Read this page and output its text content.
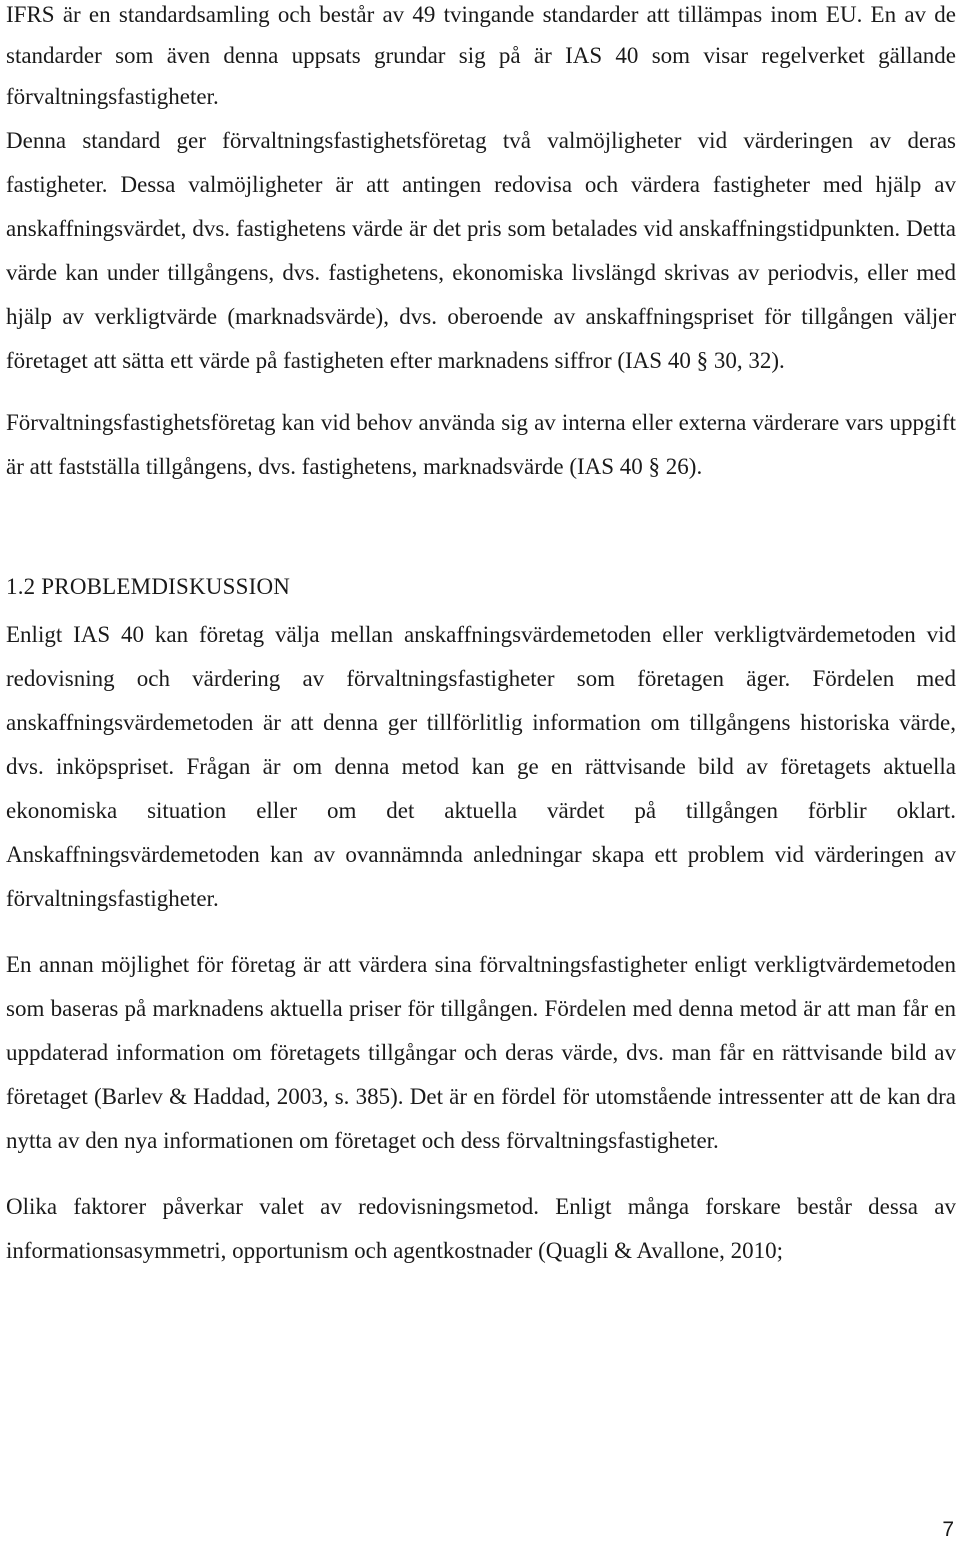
IFRS är en standardsamling och består av 49 tvingande standarder att tillämpas inom EU. En av de standarder som även denna uppsats grundar sig på är IAS 40 som visar regelverket gällande förvaltningsfastigheter.

Denna standard ger förvaltningsfastighetsföretag två valmöjligheter vid värderingen av deras fastigheter. Dessa valmöjligheter är att antingen redovisa och värdera fastigheter med hjälp av anskaffningsvärdet, dvs. fastighetens värde är det pris som betalades vid anskaffningstidpunkten. Detta värde kan under tillgångens, dvs. fastighetens, ekonomiska livslängd skrivas av periodvis, eller med hjälp av verkligtvärde (marknadsvärde), dvs. oberoende av anskaffningspriset för tillgången väljer företaget att sätta ett värde på fastigheten efter marknadens siffror (IAS 40 § 30, 32).

Förvaltningsfastighetsföretag kan vid behov använda sig av interna eller externa värderare vars uppgift är att fastställa tillgångens, dvs. fastighetens, marknadsvärde (IAS 40 § 26).

1.2 PROBLEMDISKUSSION

Enligt IAS 40 kan företag välja mellan anskaffningsvärdemetoden eller verkligtvärdemetoden vid redovisning och värdering av förvaltningsfastigheter som företagen äger. Fördelen med anskaffningsvärdemetoden är att denna ger tillförlitlig information om tillgångens historiska värde, dvs. inköpspriset. Frågan är om denna metod kan ge en rättvisande bild av företagets aktuella ekonomiska situation eller om det aktuella värdet på tillgången förblir oklart. Anskaffningsvärdemetoden kan av ovannämnda anledningar skapa ett problem vid värderingen av förvaltningsfastigheter.

En annan möjlighet för företag är att värdera sina förvaltningsfastigheter enligt verkligtvärdemetoden som baseras på marknadens aktuella priser för tillgången. Fördelen med denna metod är att man får en uppdaterad information om företagets tillgångar och deras värde, dvs. man får en rättvisande bild av företaget (Barlev & Haddad, 2003, s. 385). Det är en fördel för utomstående intressenter att de kan dra nytta av den nya informationen om företaget och dess förvaltningsfastigheter.

Olika faktorer påverkar valet av redovisningsmetod. Enligt många forskare består dessa av informationsasymmetri, opportunism och agentkostnader (Quagli & Avallone, 2010;

7
